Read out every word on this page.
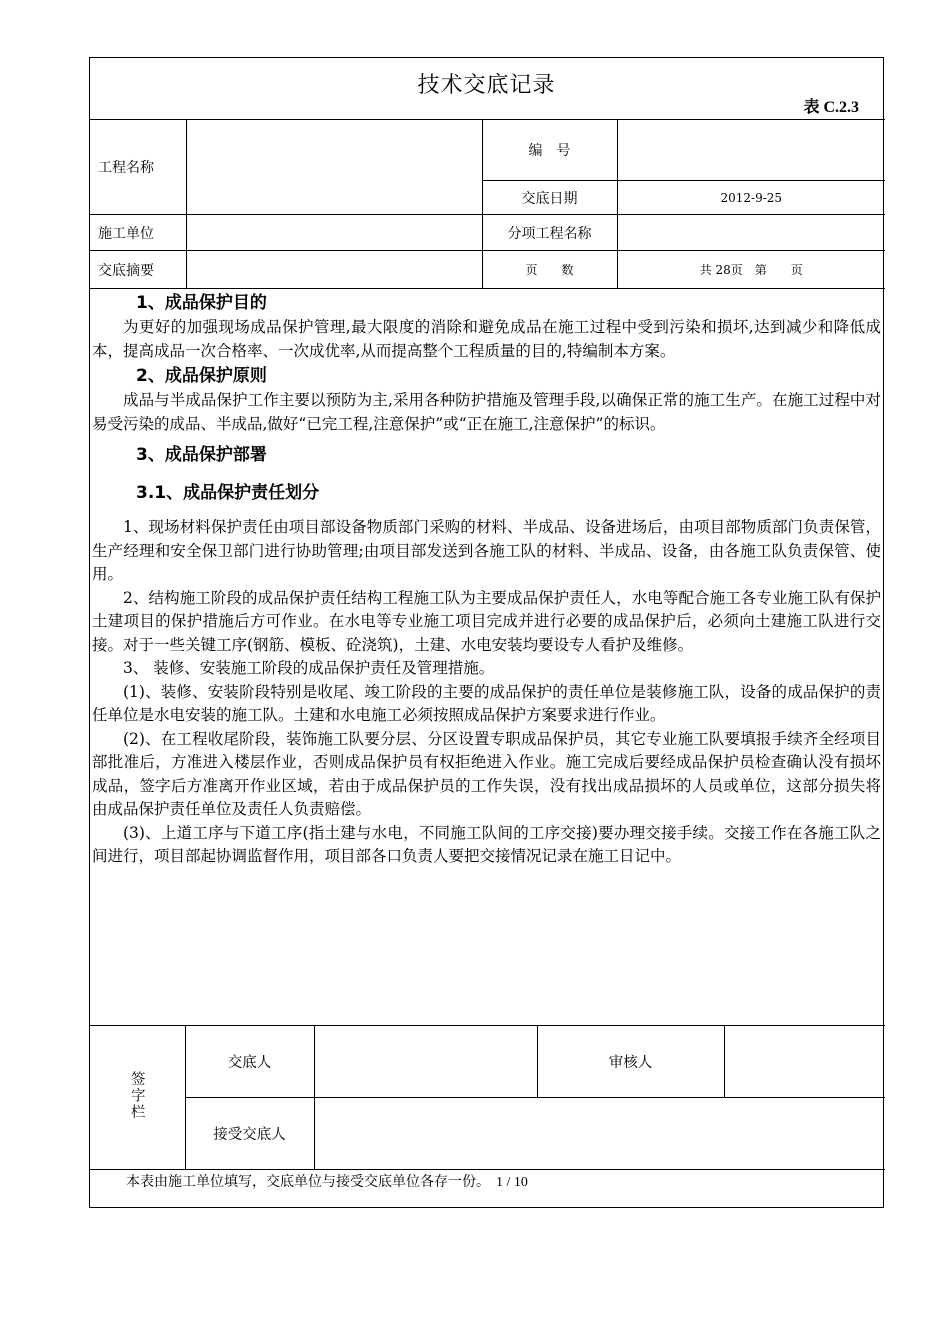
技术交底记录
表 C.2.3
工程名称		编　号	
		交底日期	2012-9-25
施工单位		分项工程名称	
交底摘要		页　　数	共 28页　第　　页

1、成品保护目的

为更好的加强现场成品保护管理,最大限度的消除和避免成品在施工过程中受到污染和损坏,达到减少和降低成本，提高成品一次合格率、一次成优率,从而提高整个工程质量的目的,特编制本方案。

2、成品保护原则

成品与半成品保护工作主要以预防为主,采用各种防护措施及管理手段,以确保正常的施工生产。在施工过程中对易受污染的成品、半成品,做好“已完工程,注意保护”或“正在施工,注意保护”的标识。

3、成品保护部署

3.1、成品保护责任划分

1、现场材料保护责任由项目部设备物质部门采购的材料、半成品、设备进场后，由项目部物质部门负责保管，生产经理和安全保卫部门进行协助管理;由项目部发送到各施工队的材料、半成品、设备，由各施工队负责保管、使用。

2、结构施工阶段的成品保护责任结构工程施工队为主要成品保护责任人，水电等配合施工各专业施工队有保护土建项目的保护措施后方可作业。在水电等专业施工项目完成并进行必要的成品保护后，必须向土建施工队进行交接。对于一些关键工序(钢筋、模板、砼浇筑)，土建、水电安装均要设专人看护及维修。

3、 装修、安装施工阶段的成品保护责任及管理措施。

(1)、装修、安装阶段特别是收尾、竣工阶段的主要的成品保护的责任单位是装修施工队，设备的成品保护的责任单位是水电安装的施工队。土建和水电施工必须按照成品保护方案要求进行作业。

(2)、在工程收尾阶段，装饰施工队要分层、分区设置专职成品保护员，其它专业施工队要填报手续齐全经项目部批准后，方准进入楼层作业，否则成品保护员有权拒绝进入作业。施工完成后要经成品保护员检查确认没有损坏成品，签字后方准离开作业区域，若由于成品保护员的工作失误，没有找出成品损坏的人员或单位，这部分损失将由成品保护责任单位及责任人负责赔偿。

(3)、上道工序与下道工序(指土建与水电，不同施工队间的工序交接)要办理交接手续。交接工作在各施工队之间进行，项目部起协调监督作用，项目部各口负责人要把交接情况记录在施工日记中。

签字栏	交底人		审核人	
	接受交底人			
本表由施工单位填写，交底单位与接受交底单位各存一份。 1 / 10
